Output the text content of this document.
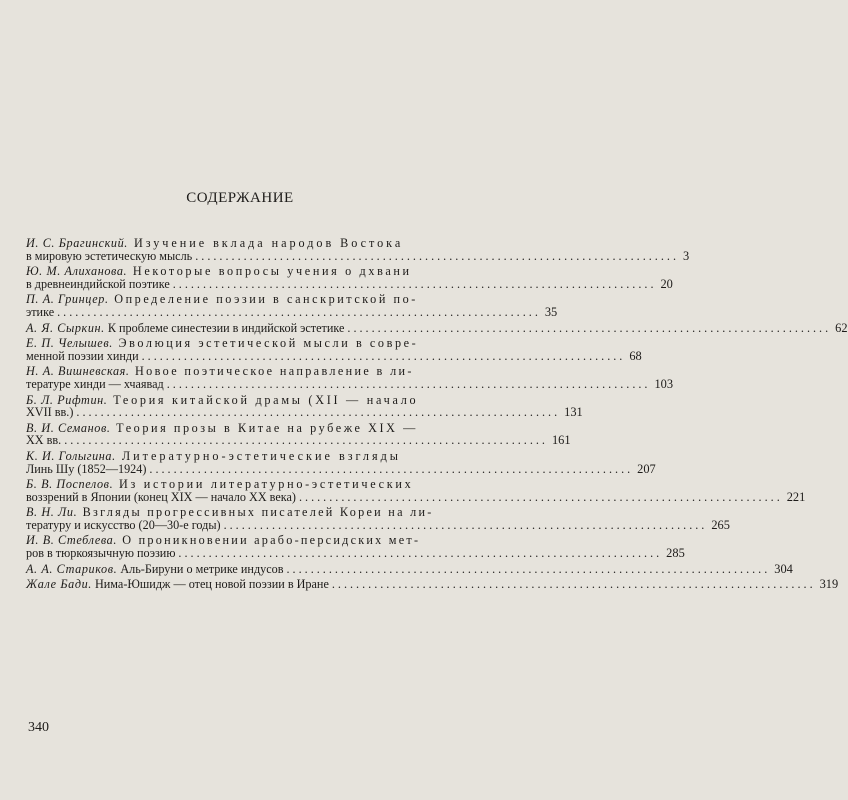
СОДЕРЖАНИЕ
И. С. Брагинский. Изучение вклада народов Востока
в мировую эстетическую мысль ................................................................................ 3
Ю. М. Алиханова. Некоторые вопросы учения о дхвани
в древнеиндийской поэтике ................................................................................ 20
П. А. Гринцер. Определение поэзии в санскритской по-
этике ................................................................................ 35
А. Я. Сыркин. К проблеме синестезии в индийской эстетике ................................................................................ 62
Е. П. Челышев. Эволюция эстетической мысли в совре-
менной поэзии хинди ................................................................................ 68
Н. А. Вишневская. Новое поэтическое направление в ли-
тературе хинди — хчаявад ................................................................................ 103
Б. Л. Рифтин. Теория китайской драмы (XII — начало
XVII вв.) ................................................................................ 131
В. И. Семанов. Теория прозы в Китае на рубеже XIX —
XX вв. ................................................................................ 161
К. И. Голыгина. Литературно-эстетические взгляды
Линь Шу (1852—1924) ................................................................................ 207
Б. В. Поспелов. Из истории литературно-эстетических
воззрений в Японии (конец XIX — начало XX века) ................................................................................ 221
В. Н. Ли. Взгляды прогрессивных писателей Кореи на ли-
тературу и искусство (20—30-е годы) ................................................................................ 265
И. В. Стеблева. О проникновении арабо-персидских мет-
ров в тюркоязычную поэзию ................................................................................ 285
А. А. Стариков. Аль-Бируни о метрике индусов ................................................................................ 304
Жале Бади. Нима-Юшидж — отец новой поэзии в Иране ................................................................................ 319
340
